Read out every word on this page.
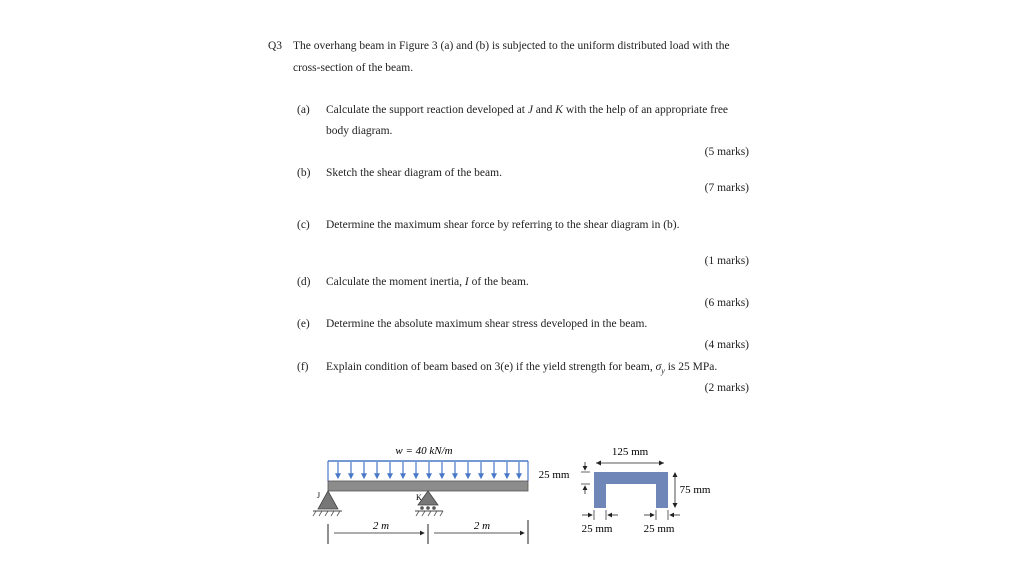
Q3 The overhang beam in Figure 3 (a) and (b) is subjected to the uniform distributed load with the
cross-section of the beam.
(a) Calculate the support reaction developed at J and K with the help of an appropriate free
body diagram.
(5 marks)
(b) Sketch the shear diagram of the beam.
(7 marks)
(c) Determine the maximum shear force by referring to the shear diagram in (b).
(1 marks)
(d) Calculate the moment inertia, I of the beam.
(6 marks)
(e) Determine the absolute maximum shear stress developed in the beam.
(4 marks)
(f) Explain condition of beam based on 3(e) if the yield strength for beam, $\sigma_y$ is 25 MPa.
(2 marks)
w = 40 kN/m
J	K
2 m	2 m
125 mm
25 mm
75 mm
25 mm	25 mm
